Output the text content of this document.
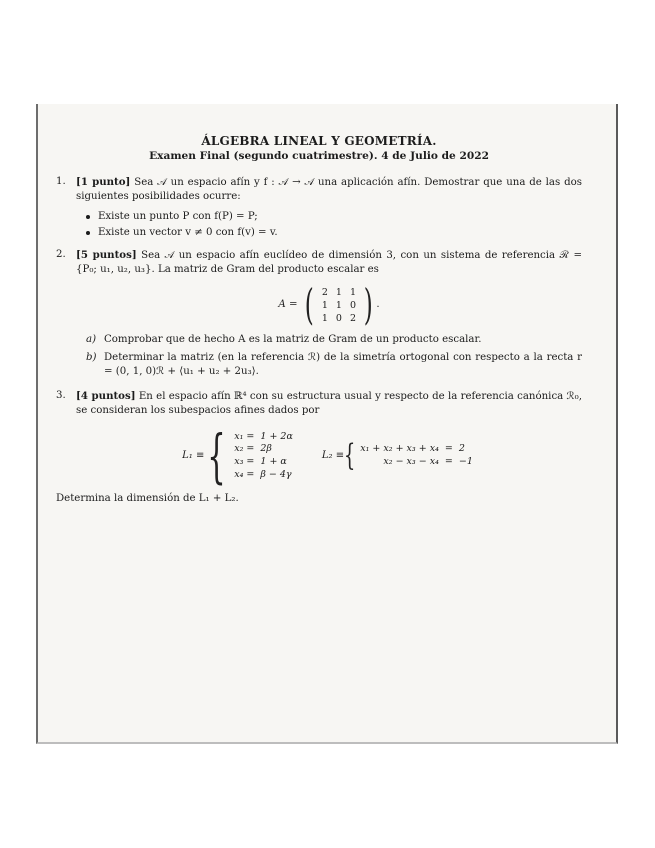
ÁLGEBRA LINEAL Y GEOMETRÍA.
Examen Final (segundo cuatrimestre). 4 de Julio de 2022
1. [1 punto] Sea 𝒜 un espacio afín y f : 𝒜 → 𝒜 una aplicación afín. Demostrar que una de las dos siguientes posibilidades ocurre:
Existe un punto P con f(P) = P;
Existe un vector v ≠ 0 con f(v) = v.
2. [5 puntos] Sea 𝒜 un espacio afín euclídeo de dimensión 3, con un sistema de referencia ℛ = {P₀; u₁, u₂, u₃}. La matriz de Gram del producto escalar es
A = ( 2	1	1
1	1	0
1	0	2 ) .
a) Comprobar que de hecho A es la matriz de Gram de un producto escalar.
b) Determinar la matriz (en la referencia ℛ) de la simetría ortogonal con respecto a la recta r = (0, 1, 0)ℛ + ⟨u₁ + u₂ + 2u₃⟩.
3. [4 puntos] En el espacio afín ℝ⁴ con su estructura usual y respecto de la referencia canónica ℛ₀, se consideran los subespacios afines dados por
L₁ ≡ { x₁ =	1 + 2α
x₂ =	2β
x₃ =	1 + α
x₄ =	β − 4γ
L₂ ≡ { x₁ + x₂ + x₃ + x₄	=	2
x₂ − x₃ − x₄	=	−1
Determina la dimensión de L₁ + L₂.
